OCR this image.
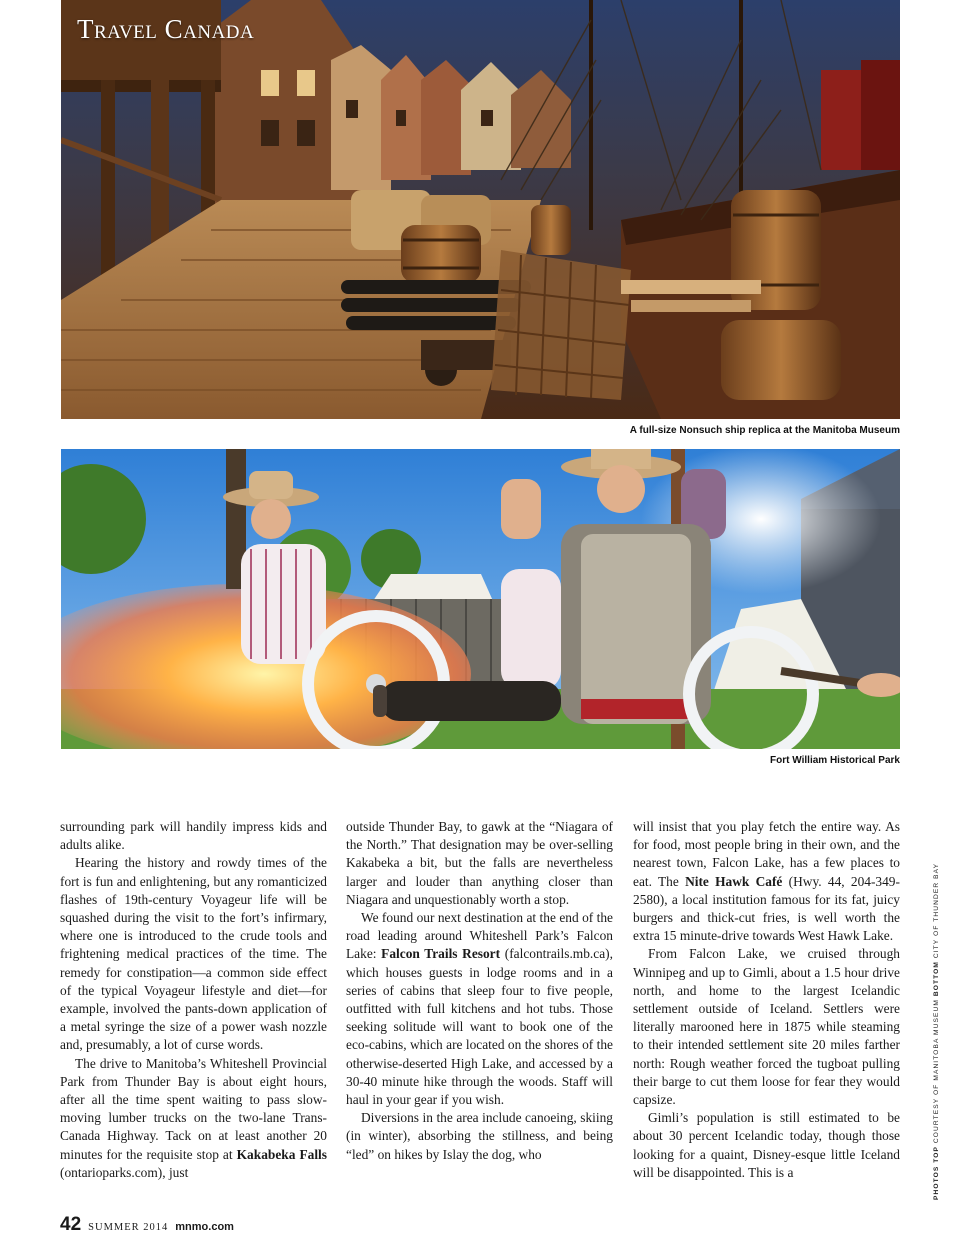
Travel Canada
A full-size Nonsuch ship replica at the Manitoba Museum
Fort William Historical Park

surrounding park will handily impress kids and adults alike.

Hearing the history and rowdy times of the fort is fun and enlightening, but any romanticized flashes of 19th-century Voyageur life will be squashed during the visit to the fort’s infirmary, where one is introduced to the crude tools and frightening medical practices of the time. The remedy for constipation—a common side effect of the typical Voyageur lifestyle and diet—for example, involved the pants-down application of a metal syringe the size of a power wash nozzle and, presumably, a lot of curse words.

The drive to Manitoba’s Whiteshell Provincial Park from Thunder Bay is about eight hours, after all the time spent waiting to pass slow-moving lumber trucks on the two-lane Trans-Canada Highway. Tack on at least another 20 minutes for the requisite stop at Kakabeka Falls (ontarioparks.com), just

outside Thunder Bay, to gawk at the “Niagara of the North.” That designation may be over-selling Kakabeka a bit, but the falls are nevertheless larger and louder than anything closer than Niagara and unquestionably worth a stop.

We found our next destination at the end of the road leading around Whiteshell Park’s Falcon Lake: Falcon Trails Resort (falcontrails.mb.ca), which houses guests in lodge rooms and in a series of cabins that sleep four to five people, outfitted with full kitchens and hot tubs. Those seeking solitude will want to book one of the eco-cabins, which are located on the shores of the otherwise-deserted High Lake, and accessed by a 30-40 minute hike through the woods. Staff will haul in your gear if you wish.

Diversions in the area include canoeing, skiing (in winter), absorbing the stillness, and being “led” on hikes by Islay the dog, who

will insist that you play fetch the entire way. As for food, most people bring in their own, and the nearest town, Falcon Lake, has a few places to eat. The Nite Hawk Café (Hwy. 44, 204-349-2580), a local institution famous for its fat, juicy burgers and thick-cut fries, is well worth the extra 15 minute-drive towards West Hawk Lake.

From Falcon Lake, we cruised through Winnipeg and up to Gimli, about a 1.5 hour drive north, and home to the largest Icelandic settlement outside of Iceland. Settlers were literally marooned here in 1875 while steaming to their intended settlement site 20 miles farther north: Rough weather forced the tugboat pulling their barge to cut them loose for fear they would capsize.

Gimli’s population is still estimated to be about 30 percent Icelandic today, though those looking for a quaint, Disney-esque little Iceland will be disappointed. This is a	PHOTOS TOP COURTESY OF MANITOBA MUSEUM BOTTOM CITY OF THUNDER BAY
42 SUMMER 2014 mnmo.com
